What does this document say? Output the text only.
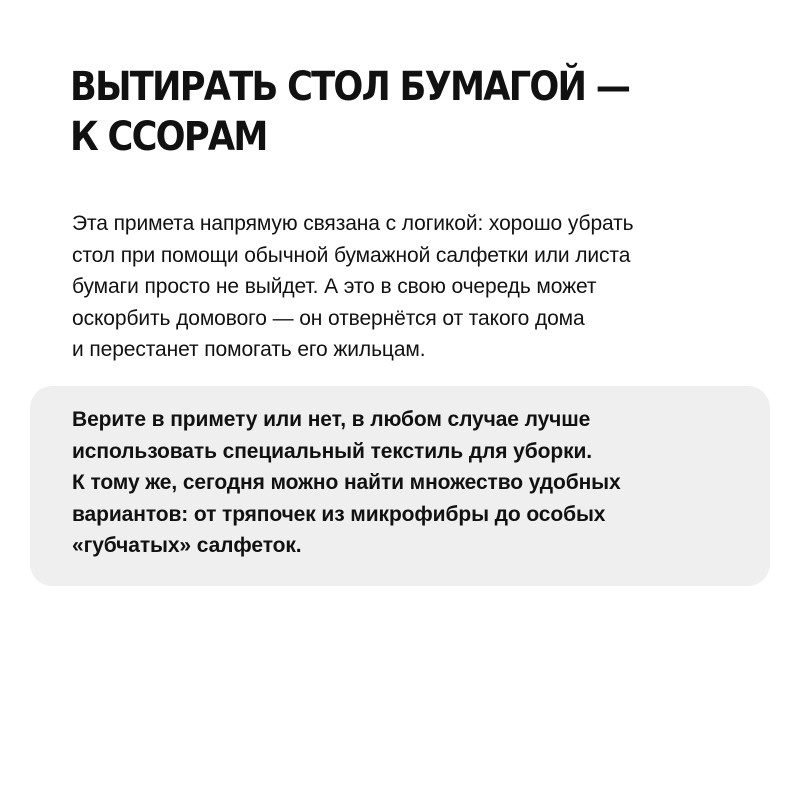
ВЫТИРАТЬ СТОЛ БУМАГОЙ —
К ССОРАМ

Эта примета напрямую связана с логикой: хорошо убрать
стол при помощи обычной бумажной салфетки или листа
бумаги просто не выйдет. А это в свою очередь может
оскорбить домового — он отвернётся от такого дома
и перестанет помогать его жильцам.

Верите в примету или нет, в любом случае лучше
использовать специальный текстиль для уборки.
К тому же, сегодня можно найти множество удобных
вариантов: от тряпочек из микрофибры до особых
«губчатых» салфеток.
